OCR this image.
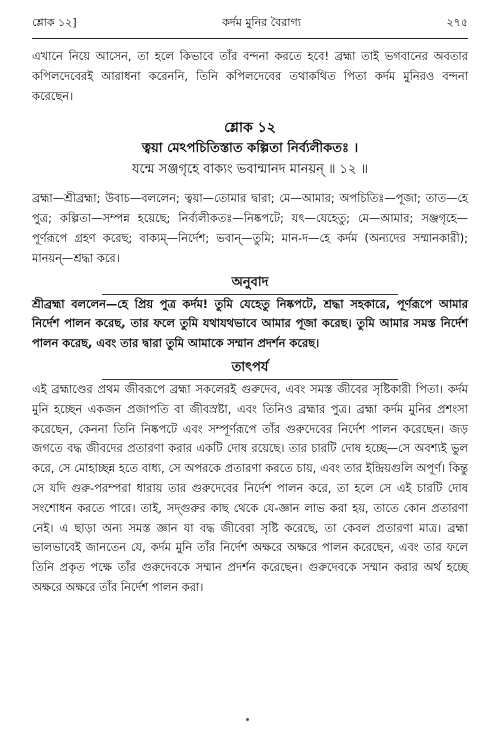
শ্লোক ১২]	কর্দম মুনির বৈরাগ্য	২৭৫

এখানে নিয়ে আসেন, তা হলে কিভাবে তাঁর বন্দনা করতে হবে! ব্রহ্মা তাই ভগবানের অবতার কপিলদেবেরই আরাধনা করেননি, তিনি কপিলদেবের তথাকথিত পিতা কর্দম মুনিরও বন্দনা করেছেন।

শ্লোক ১২

ত্বয়া মেঽপচিতিস্তাত কল্পিতা নির্ব্যলীকতঃ ।

যন্মে সঞ্জগৃহে বাক্যং ভবান্মানদ মানয়ন্ ॥ ১২ ॥

ব্রহ্মা—শ্রীব্রহ্মা; উবাচ—বললেন; ত্বয়া—তোমার দ্বারা; মে—আমার; অপচিতিঃ—পূজা; তাত—হে পুত্র; কল্পিতা—সম্পন্ন হয়েছে; নির্ব্যলীকতঃ—নিষ্কপটে; যৎ—যেহেতু; মে—আমার; সঞ্জগৃহে—পূর্ণরূপে গ্রহণ করেছ; বাক্যম্—নির্দেশ; ভবান্—তুমি; মান-দ—হে কর্দম (অন্যদের সম্মানকারী); মানয়ন্—শ্রদ্ধা করে।

অনুবাদ

শ্রীব্রহ্মা বললেন—হে প্রিয় পুত্র কর্দম! তুমি যেহেতু নিষ্কপটে, শ্রদ্ধা সহকারে, পূর্ণরূপে আমার নির্দেশ পালন করেছ, তার ফলে তুমি যথাযথভাবে আমার পূজা করেছ। তুমি আমার সমস্ত নির্দেশ পালন করেছ, এবং তার দ্বারা তুমি আমাকে সম্মান প্রদর্শন করেছ।

তাৎপর্য

এই ব্রহ্মাণ্ডের প্রথম জীবরূপে ব্রহ্মা সকলেরই গুরুদেব, এবং সমস্ত জীবের সৃষ্টিকারী পিতা। কর্দম মুনি হচ্ছেন একজন প্রজাপতি বা জীবস্রষ্টা, এবং তিনিও ব্রহ্মার পুত্র। ব্রহ্মা কর্দম মুনির প্রশংসা করেছেন, কেননা তিনি নিষ্কপটে এবং সম্পূর্ণরূপে তাঁর গুরুদেবের নির্দেশ পালন করেছেন। জড় জগতে বদ্ধ জীবদের প্রতারণা করার একটি দোষ রয়েছে। তার চারটি দোষ হচ্ছে—সে অবশ্যই ভুল করে, সে মোহাচ্ছন্ন হতে বাধ্য, সে অপরকে প্রতারণা করতে চায়, এবং তার ইন্দ্রিয়গুলি অপূর্ণ। কিন্তু সে যদি গুরু-পরম্পরা ধারায় তার গুরুদেবের নির্দেশ পালন করে, তা হলে সে এই চারটি দোষ সংশোধন করতে পারে। তাই, সদ্গুরুর কাছ থেকে যে-জ্ঞান লাভ করা হয়, তাতে কোন প্রতারণা নেই। এ ছাড়া অন্য সমস্ত জ্ঞান যা বদ্ধ জীবেরা সৃষ্টি করেছে, তা কেবল প্রতারণা মাত্র। ব্রহ্মা ভালভাবেই জানতেন যে, কর্দম মুনি তাঁর নির্দেশ অক্ষরে অক্ষরে পালন করেছেন, এবং তার ফলে তিনি প্রকৃত পক্ষে তাঁর গুরুদেবকে সম্মান প্রদর্শন করেছেন। গুরুদেবকে সম্মান করার অর্থ হচ্ছে অক্ষরে অক্ষরে তাঁর নির্দেশ পালন করা।
